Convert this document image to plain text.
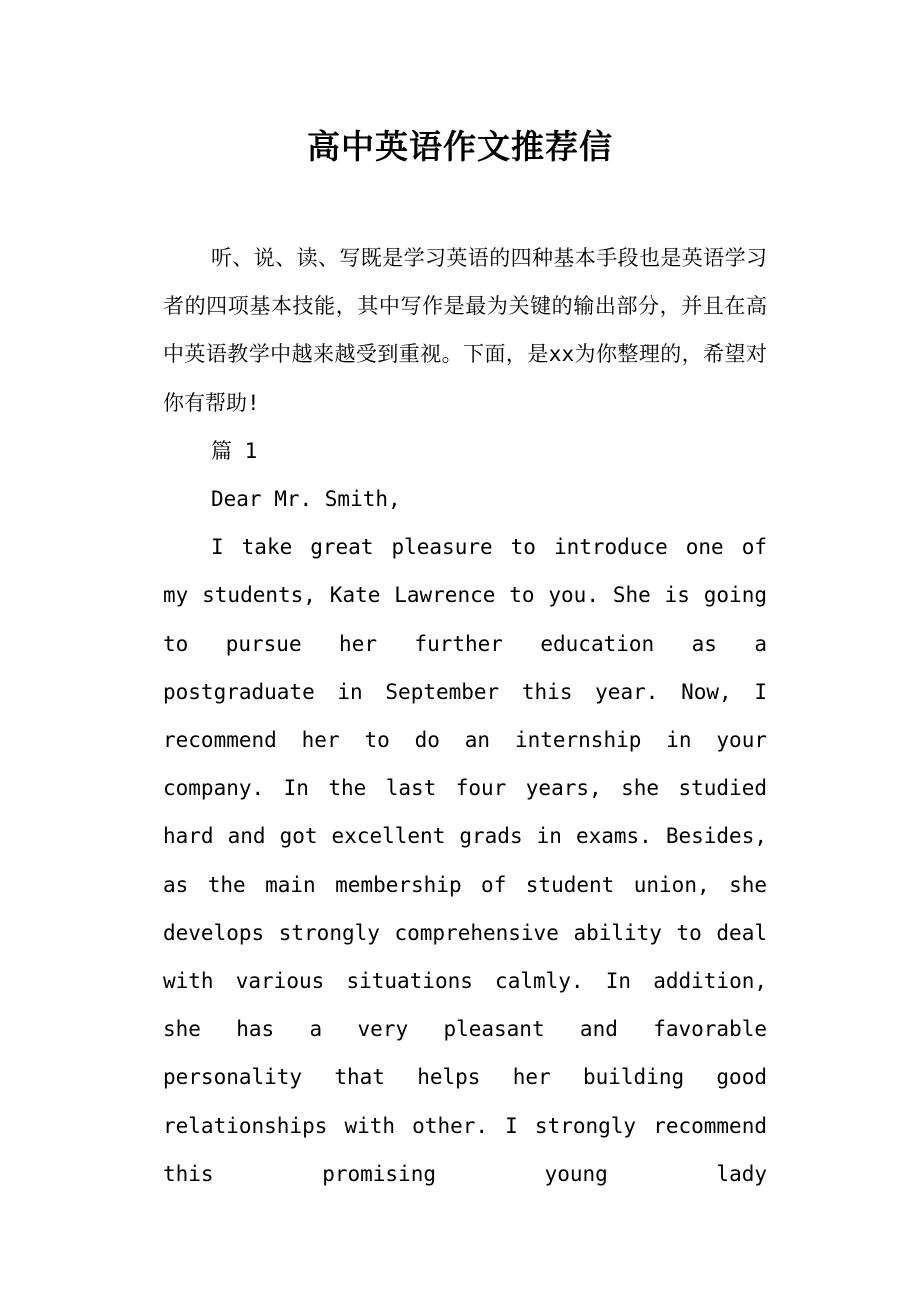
高中英语作文推荐信

听、说、读、写既是学习英语的四种基本手段也是英语学习者的四项基本技能，其中写作是最为关键的输出部分，并且在高中英语教学中越来越受到重视。下面，是xx为你整理的，希望对你有帮助!

篇 1

Dear Mr. Smith,

I take great pleasure to introduce one of my students, Kate Lawrence to you. She is going to pursue her further education as a postgraduate in September this year. Now, I recommend her to do an internship in your company. In the last four years, she studied hard and got excellent grads in exams. Besides, as the main membership of student union, she develops strongly comprehensive ability to deal with various situations calmly. In addition, she has a very pleasant and favorable personality that helps her building good relationships with other. I strongly recommend this promising young lady
